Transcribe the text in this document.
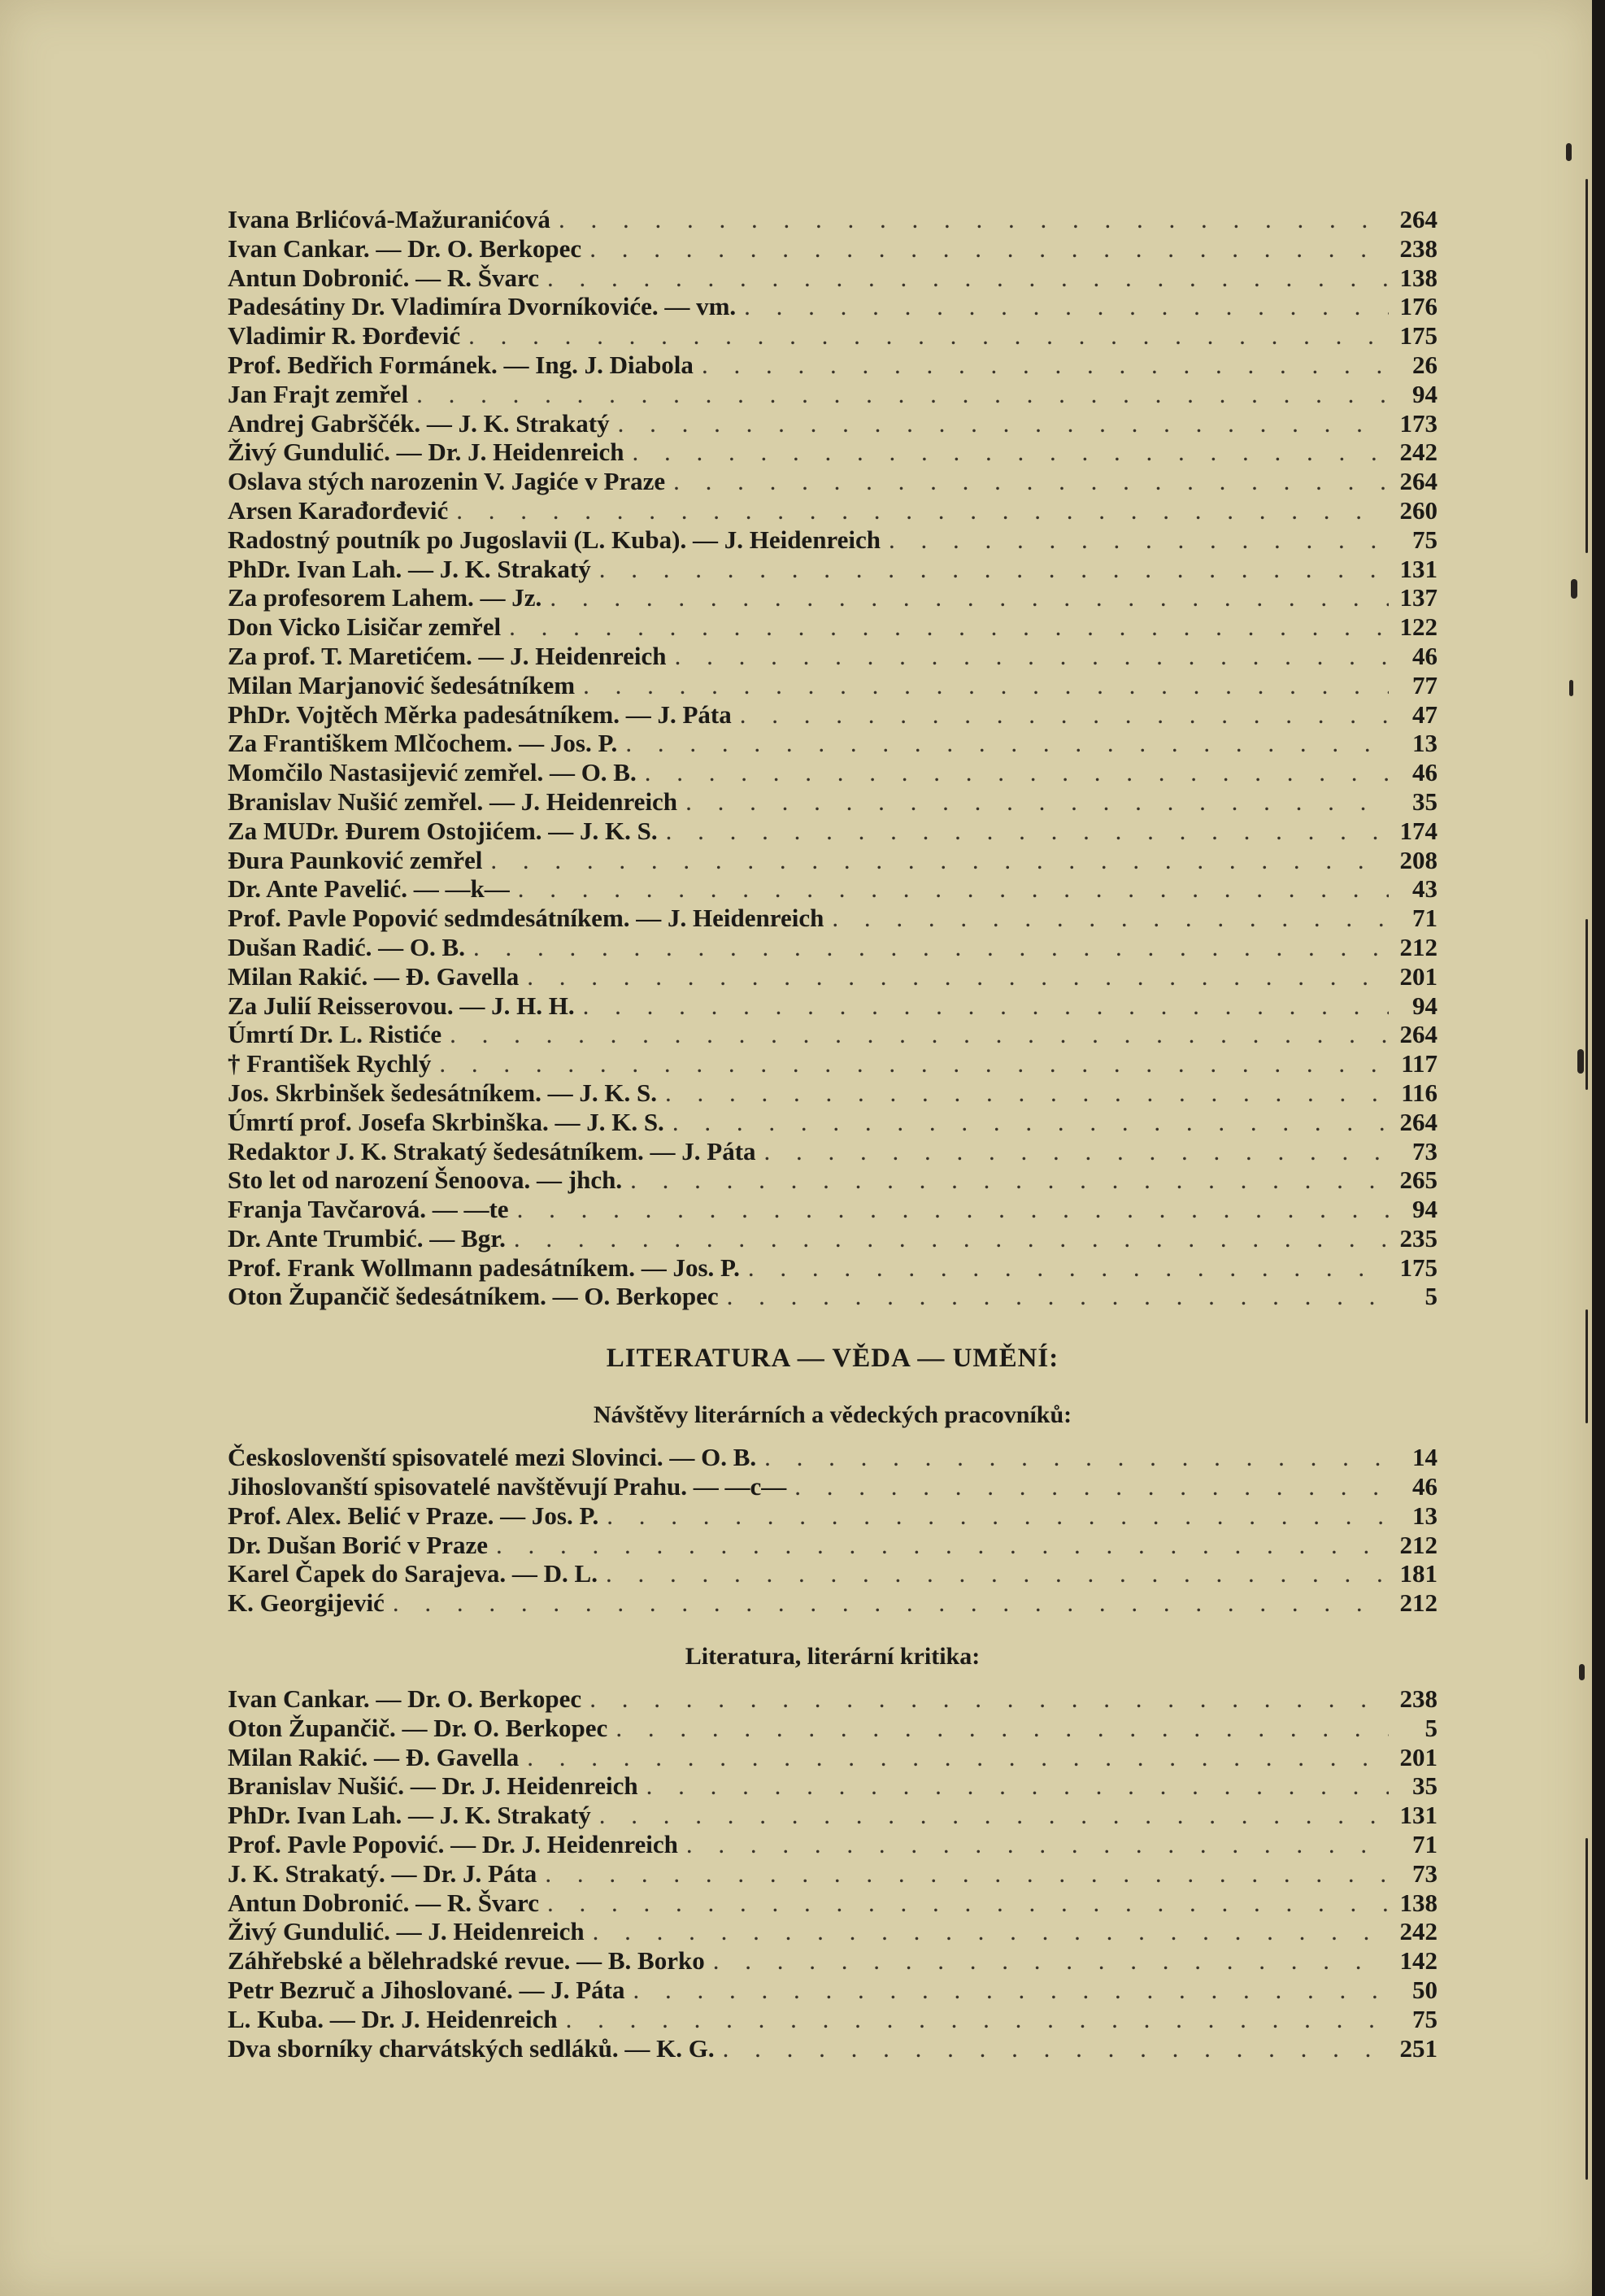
Ivana Brlićová-Mažuranićová . . .	264
Ivan Cankar. — Dr. O. Berkopec . . .	238
Antun Dobronić. — R. Švarc . . .	138
Padesátiny Dr. Vladimíra Dvorníkoviće. — vm. . . .	176
Vladimir R. Đorđević . . .	175
Prof. Bedřich Formánek. — Ing. J. Diabola . . .	26
Jan Frajt zemřel . . .	94
Andrej Gabrščék. — J. K. Strakatý . . .	173
Živý Gundulić. — Dr. J. Heidenreich . . .	242
Oslava stých narozenin V. Jagiće v Praze . . .	264
Arsen Karađorđević . . .	260
Radostný poutník po Jugoslavii (L. Kuba). — J. Heidenreich . . .	75
PhDr. Ivan Lah. — J. K. Strakatý . . .	131
Za profesorem Lahem. — Jz. . . .	137
Don Vicko Lisičar zemřel . . .	122
Za prof. T. Maretićem. — J. Heidenreich . . .	46
Milan Marjanović šedesátníkem . . .	77
PhDr. Vojtěch Měrka padesátníkem. — J. Páta . . .	47
Za Františkem Mlčochem. — Jos. P. . . .	13
Momčilo Nastasijević zemřel. — O. B. . . .	46
Branislav Nušić zemřel. — J. Heidenreich . . .	35
Za MUDr. Đurem Ostojićem. — J. K. S. . . .	174
Đura Paunković zemřel . . .	208
Dr. Ante Pavelić. — —k— . . .	43
Prof. Pavle Popović sedmdesátníkem. — J. Heidenreich . . .	71
Dušan Radić. — O. B. . . .	212
Milan Rakić. — Đ. Gavella . . .	201
Za Julií Reisserovou. — J. H. H. . . .	94
Úmrtí Dr. L. Ristiće . . .	264
† František Rychlý . . .	117
Jos. Skrbinšek šedesátníkem. — J. K. S. . . .	116
Úmrtí prof. Josefa Skrbinška. — J. K. S. . . .	264
Redaktor J. K. Strakatý šedesátníkem. — J. Páta . . .	73
Sto let od narození Šenoova. — jhch. . . .	265
Franja Tavčarová. — —te . . .	94
Dr. Ante Trumbić. — Bgr. . . .	235
Prof. Frank Wollmann padesátníkem. — Jos. P. . . .	175
Oton Župančič šedesátníkem. — O. Berkopec . . .	5
LITERATURA — VĚDA — UMĚNÍ:
Návštěvy literárních a vědeckých pracovníků:
Českoslovenští spisovatelé mezi Slovinci. — O. B. . . .	14
Jihoslovanští spisovatelé navštěvují Prahu. — —c— . . .	46
Prof. Alex. Belić v Praze. — Jos. P. . . .	13
Dr. Dušan Borić v Praze . . .	212
Karel Čapek do Sarajeva. — D. L. . . .	181
K. Georgijević . . .	212
Literatura, literární kritika:
Ivan Cankar. — Dr. O. Berkopec . . .	238
Oton Župančič. — Dr. O. Berkopec . . .	5
Milan Rakić. — Đ. Gavella . . .	201
Branislav Nušić. — Dr. J. Heidenreich . . .	35
PhDr. Ivan Lah. — J. K. Strakatý . . .	131
Prof. Pavle Popović. — Dr. J. Heidenreich . . .	71
J. K. Strakatý. — Dr. J. Páta . . .	73
Antun Dobronić. — R. Švarc . . .	138
Živý Gundulić. — J. Heidenreich . . .	242
Záhřebské a bělehradské revue. — B. Borko . . .	142
Petr Bezruč a Jihoslované. — J. Páta . . .	50
L. Kuba. — Dr. J. Heidenreich . . .	75
Dva sborníky charvátských sedláků. — K. G. . . .	251
